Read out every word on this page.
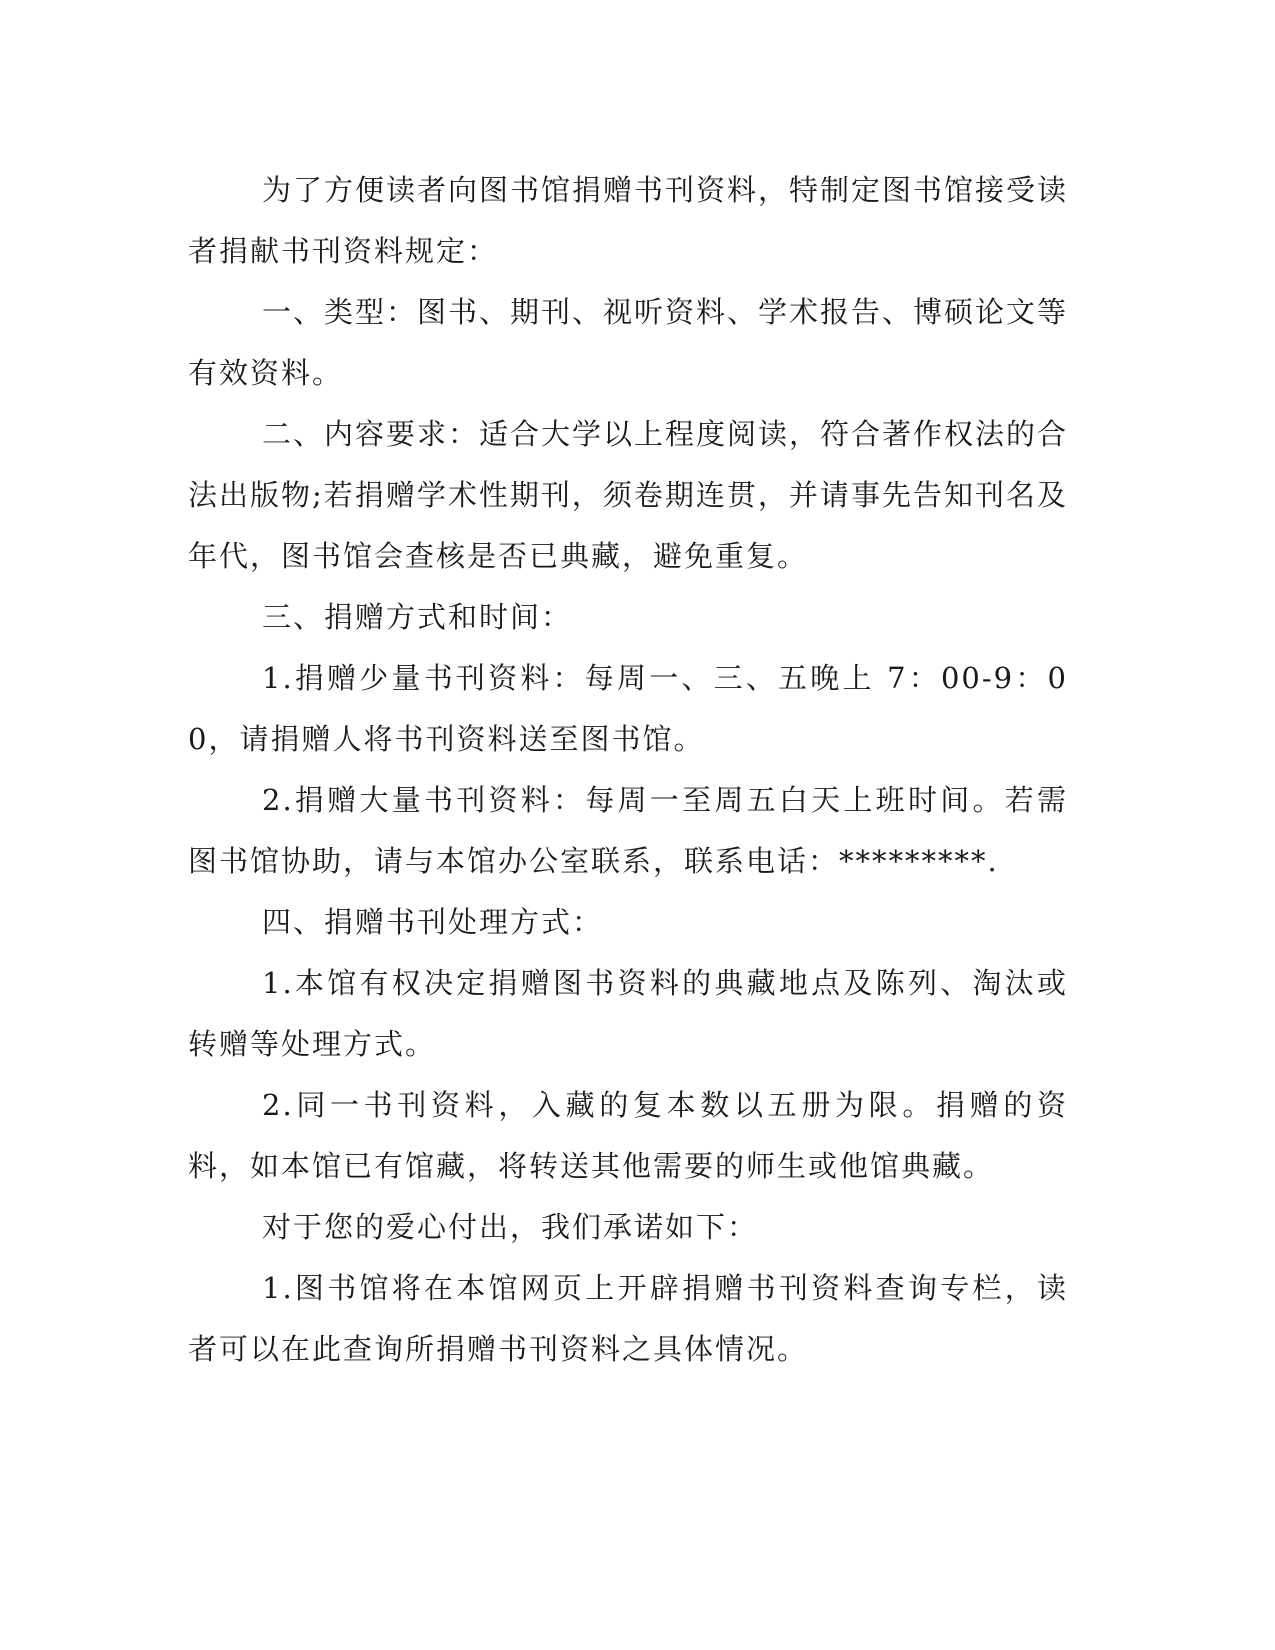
为了方便读者向图书馆捐赠书刊资料，特制定图书馆接受读者捐献书刊资料规定：

一、类型：图书、期刊、视听资料、学术报告、博硕论文等有效资料。

二、内容要求：适合大学以上程度阅读，符合著作权法的合法出版物;若捐赠学术性期刊，须卷期连贯，并请事先告知刊名及年代，图书馆会查核是否已典藏，避免重复。

三、捐赠方式和时间：

1.捐赠少量书刊资料：每周一、三、五晚上 7：00-9：00，请捐赠人将书刊资料送至图书馆。

2.捐赠大量书刊资料：每周一至周五白天上班时间。若需图书馆协助，请与本馆办公室联系，联系电话：*********.

四、捐赠书刊处理方式：

1.本馆有权决定捐赠图书资料的典藏地点及陈列、淘汰或转赠等处理方式。

2.同一书刊资料，入藏的复本数以五册为限。捐赠的资料，如本馆已有馆藏，将转送其他需要的师生或他馆典藏。

对于您的爱心付出，我们承诺如下：

1.图书馆将在本馆网页上开辟捐赠书刊资料查询专栏，读者可以在此查询所捐赠书刊资料之具体情况。
